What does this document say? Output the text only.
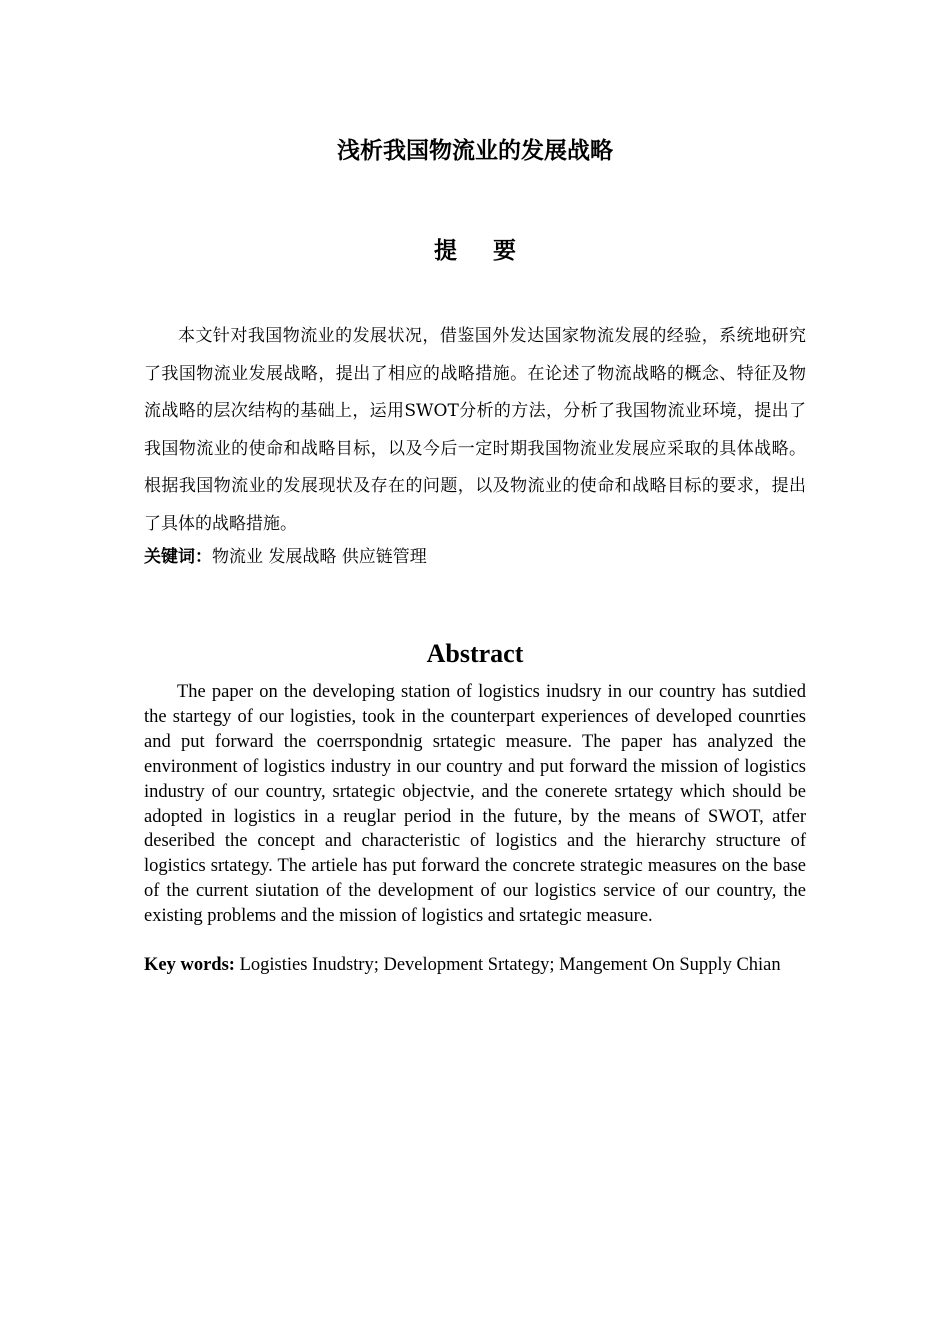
浅析我国物流业的发展战略
提 要

本文针对我国物流业的发展状况，借鉴国外发达国家物流发展的经验，系统地研究了我国物流业发展战略，提出了相应的战略措施。在论述了物流战略的概念、特征及物流战略的层次结构的基础上，运用SWOT分析的方法，分析了我国物流业环境，提出了我国物流业的使命和战略目标，以及今后一定时期我国物流业发展应采取的具体战略。根据我国物流业的发展现状及存在的问题，以及物流业的使命和战略目标的要求，提出了具体的战略措施。

关键词：物流业 发展战略 供应链管理
Abstract

The paper on the developing station of logistics inudsry in our country has sutdied the startegy of our logisties, took in the counterpart experiences of developed counrties and put forward the coerrspondnig srtategic measure. The paper has analyzed the environment of logistics industry in our country and put forward the mission of logistics industry of our country, srtategic objectvie, and the conerete srtategy which should be adopted in logistics in a reuglar period in the future, by the means of SWOT, atfer deseribed the concept and characteristic of logistics and the hierarchy structure of logistics srtategy. The artiele has put forward the concrete strategic measures on the base of the current siutation of the development of our logistics service of our country, the existing problems and the mission of logistics and srtategic measure.

Key words: Logisties Inudstry; Development Srtategy; Mangement On Supply Chian
